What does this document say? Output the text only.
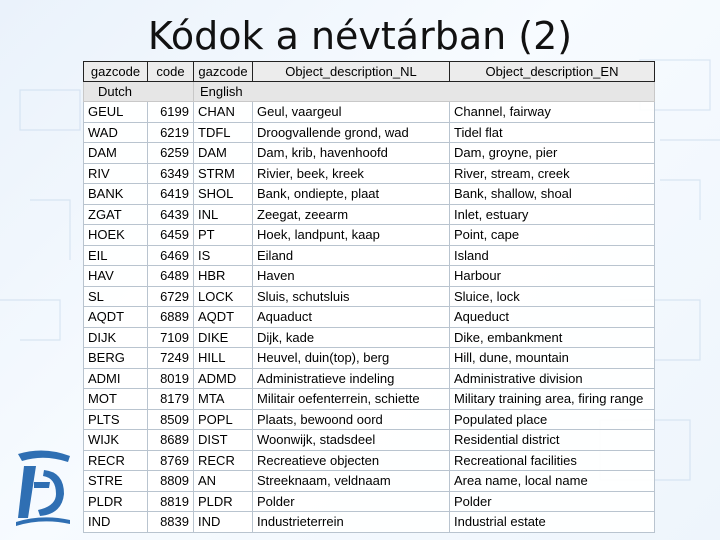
Kódok a névtárban (2)
gazcode	code	gazcode	Object_description_NL	Object_description_EN
Dutch		English		
GEUL	6199	CHAN	Geul, vaargeul	Channel, fairway
WAD	6219	TDFL	Droogvallende grond, wad	Tidel flat
DAM	6259	DAM	Dam, krib, havenhoofd	Dam, groyne, pier
RIV	6349	STRM	Rivier, beek, kreek	River, stream, creek
BANK	6419	SHOL	Bank, ondiepte, plaat	Bank, shallow, shoal
ZGAT	6439	INL	Zeegat, zeearm	Inlet, estuary
HOEK	6459	PT	Hoek, landpunt, kaap	Point, cape
EIL	6469	IS	Eiland	Island
HAV	6489	HBR	Haven	Harbour
SL	6729	LOCK	Sluis, schutsluis	Sluice, lock
AQDT	6889	AQDT	Aquaduct	Aqueduct
DIJK	7109	DIKE	Dijk, kade	Dike, embankment
BERG	7249	HILL	Heuvel, duin(top), berg	Hill, dune, mountain
ADMI	8019	ADMD	Administratieve indeling	Administrative division
MOT	8179	MTA	Militair oefenterrein, schiette	Military training area, firing range
PLTS	8509	POPL	Plaats, bewoond oord	Populated place
WIJK	8689	DIST	Woonwijk, stadsdeel	Residential district
RECR	8769	RECR	Recreatieve objecten	Recreational facilities
STRE	8809	AN	Streeknaam, veldnaam	Area name, local name
PLDR	8819	PLDR	Polder	Polder
IND	8839	IND	Industrieterrein	Industrial estate
